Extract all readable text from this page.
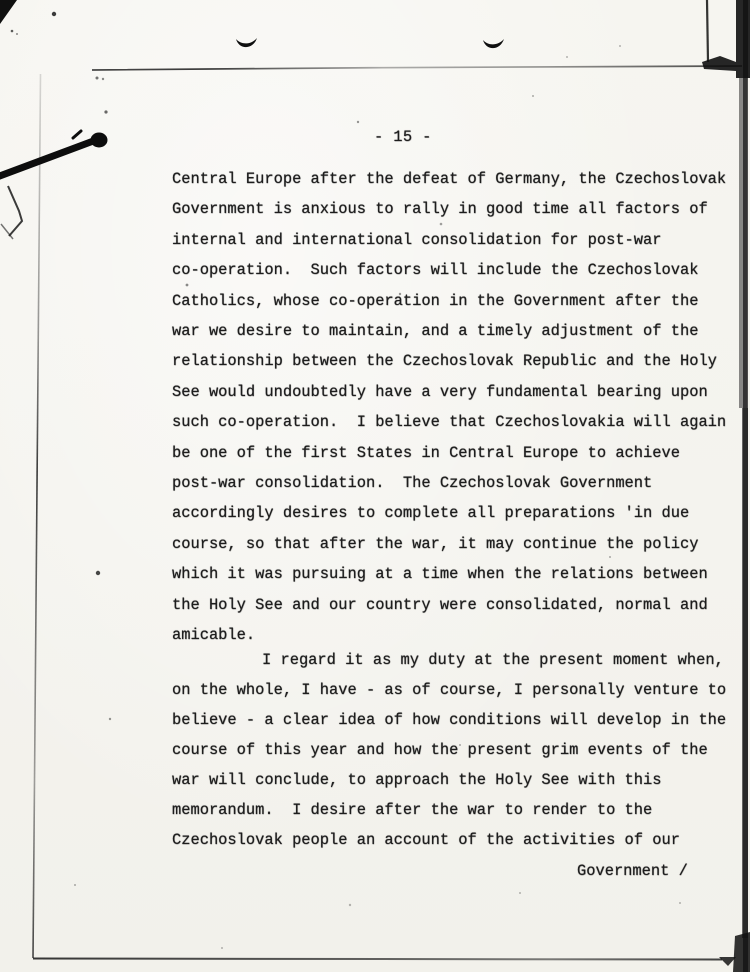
- 15 -
Central Europe after the defeat of Germany, the Czechoslovak
Government is anxious to rally in good time all factors of
internal and international consolidation for post-war
co-operation.  Such factors will include the Czechoslovak
Catholics, whose co-operation in the Government after the
war we desire to maintain, and a timely adjustment of the
relationship between the Czechoslovak Republic and the Holy
See would undoubtedly have a very fundamental bearing upon
such co-operation.  I believe that Czechoslovakia will again
be one of the first States in Central Europe to achieve
post-war consolidation.  The Czechoslovak Government
accordingly desires to complete all preparations 'in due
course, so that after the war, it may continue the policy
which it was pursuing at a time when the relations between
the Holy See and our country were consolidated, normal and
amicable.
I regard it as my duty at the present moment when,
on the whole, I have - as of course, I personally venture to
believe - a clear idea of how conditions will develop in the
course of this year and how the present grim events of the
war will conclude, to approach the Holy See with this
memorandum.  I desire after the war to render to the
Czechoslovak people an account of the activities of our
Government /
